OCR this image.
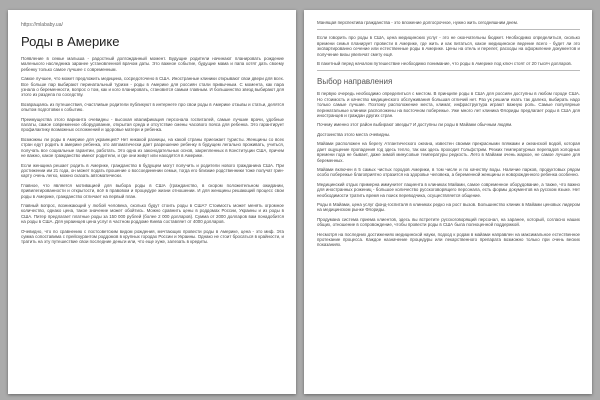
https://mlababy.ua/
Роды в Америке
Появление в семье малыша - радостный долгожданный момент. Будущие родители начинают планировать рождение маленького наследника заранее установленной врачом даты. Это важное событие, будущие мама и папа хотят дать своему ребенку только самое лучшее с современным.
Самое лучшее, что может предложить медицина, сосредоточено в США. Иностранные клиники открывают свои двери для всех. Все больше пар выбирают перинатальный туризм - роды в Америке для россиян стали привычным. С момента, как пара узнала о беременности, вопрос о том, как и кого планировать, становится самым главным. И большинство звезд выбирают для этого из раздела по соседству.
Возвращаясь из путешествия, счастливые родители публикуют в интернете про свои роды в Америке отзывы и статьи, делятся опытом подготовки к событию.
Преимущества этого варианта очевидны - высокая квалификация персонала госпиталей, самые лучшие врачи, удобные палаты, самое современное оборудование, открытая среда и отсутствие смены часового пояса для ребенка. Это гарантирует профилактику возможных осложнений и здоровье матери и ребенка.
Возможны ли роды в Америке для украинцев? Нет никакой разницы, на какой страны приезжает туристы. Женщины со всех стран едут родить в америке ребенка, это автоматически дает разрешение ребенку в будущем легально проживать, учиться, получать все социальные гарантии, работать. Это одна из законодательных основ, закрепленных в Конституции США, причем не важно, какое гражданство имеют родители, и где они живут или находятся в Америке.
Если женщина решает родить в Америке, гражданство в будущем могут получить и родители нового гражданина США. При достижении им 21 года, он может подать прошение о воссоединении семьи, тогда его близкие родственники тоже получат грин-карту очень легко, можно сказать автоматически.
Главное, что является мотивацией для выбора роды в США (гражданство, в скором положительном ожидании, привилегированности и открытости, всё в правовом и процедуре жизни отношении. И для женщины решающий процесс свои роды в Америке, гражданство отличает на первый план.
Главный вопрос, возникающий у любой человека, сколько будут стоить роды в США? Стоимость может менять огромное количество, однако цена, такое значение может обойтись. Можно сравнить цены в роддомах России, Украины и из роды в США. Питер предлагает платные роды за 150 000 рублей (более 2 000 долларов). Сумма от 2000 долларов вам понадобится на роды в США. Для украинцев цена услуг в частном роддоме Киева составляет от 4000 долларов.
Очевидно, что по сравнению с постсоветским видом рождения, мечтающих провести роды в Америке, цена - это миф. Эта сумма сопоставима с прейскурантом роддомов в крупных городах России и Украины. Однако не стоит бросаться в крайности, и тратить на эту путешествие свои последние деньги или, что еще хуже, залезать в кредиты.
Манящая перспектива гражданства - это вложение долгосрочное, нужно жить сегодняшним днем.
Если говорить про роды в США, цена медицинских услуг - это не окончательны бюджет. Необходимо определиться, сколько времени семья планирует провести в Америке, где жить и как питаться, какое медицинское ведение всего - будет ли это эксвартированно сечение или естественные роды в Америке. Цены на отель и перелет, расходы на оформление документов и получение визы увеличат смету ещё.
В пакетный перед началом путешествие необходимо понимание, что роды в Америке под ключ стоят от 20 тысяч долларов.
Выбор направления
В первую очередь необходимо определиться с местом. В принципе роды в США для россиян доступны в любом городе США. Но стоимость и качество медицинского обслуживания большая отличий нет. Раз ук решили ехать так далеко, выбирать надо только самые лучшие. Поэтому расположение места, климат, инфраструктура играют важную роль. Самые популярные перинатальные клиники расположены на восточном побережье. Уже много лет клиника Флориды предлагает роды в США для иностранцев и граждан других стран.
Почему именно этот район выбирают звезды? И доступны ли роды в Майами обычным людям.
Достоинства этого места очевидны.
Майами расположен на берегу Атлантического океана, известен своими прекрасными пляжами и океанской водой, которая дает ощущение пропадения год здесь тепло, так как здесь проходит Гольфстрим. Резких температурных перепадов холодных времени года не бывает, даже зимой минусовые температуры редкость. Лето в Майами очень жаркое, не самое лучшее для беременных.
Майами включен в 5 самых чистых городов Америки, в том числе и по качеству воды. Наличие парков, продуктовых рядом особо побережье благоприятно отразится на здоровье человека, а беременной женщины и новорожденного ребенка особенно.
Медицинский отдых примерна иммунитет пациента в клиниках Майами, самое современное оборудование, а также, что важно для иностранных рожениц - большое количество русскоговорящего персонала, есть формы документов на русском языке. Нет необходимости тратить время на поиск переводчика, осуществляется общение.
Роды в Майами, цена услуг фонд-госпиталя в клиниках редко на рост вызов. Большинство клиник в Майами ценовых лидером на медицинском рынке Флориды.
Продумана система приема клиентов, здесь вы встретите русскоговорящий персонал, на заранее, который, согласно наших общих, отношение в сопровождение, чтобы провести роды в США была полноценной поддержкой.
Несмотря на последних достижениях медицинской науки, подход к родам в майами направлен на максимальное естественное протекание процесса. Каждое назначение процедуры или лекарственного препарата возможно только при очень веских показаниях.
